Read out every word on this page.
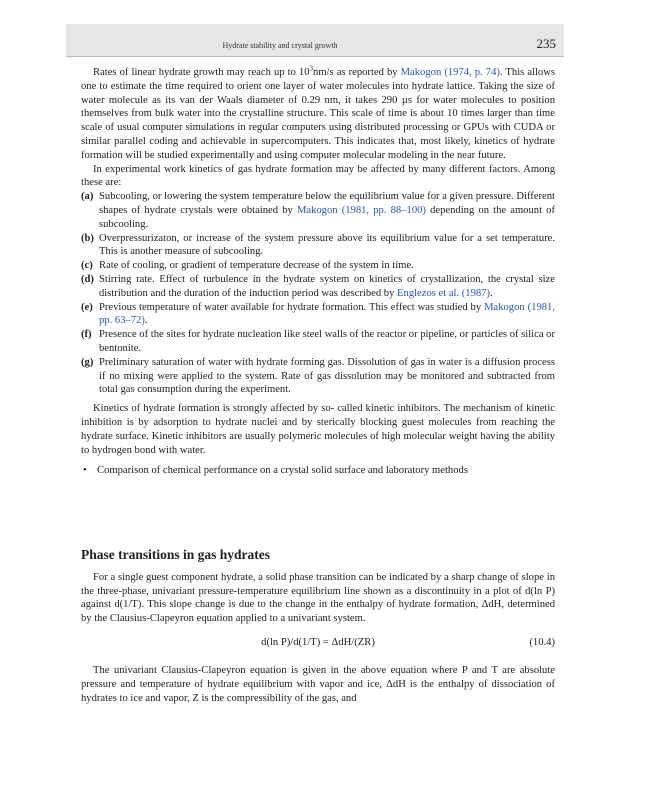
Hydrate stability and crystal growth	235

Rates of linear hydrate growth may reach up to $10^3nm/s$ as reported by Makogon (1974, p. 74). This allows one to estimate the time required to orient one layer of water molecules into hydrate lattice. Taking the size of water molecule as its van der Waals diameter of 0.29 nm, it takes 290 µs for water molecules to position themselves from bulk water into the crystalline structure. This scale of time is about 10 times larger than time scale of usual computer simulations in regular computers using distributed processing or GPUs with CUDA or similar parallel coding and achievable in supercomputers. This indicates that, most likely, kinetics of hydrate formation will be studied experimentally and using computer molecular modeling in the near future.

In experimental work kinetics of gas hydrate formation may be affected by many different factors. Among these are:

(a) Subcooling, or lowering the system temperature below the equilibrium value for a given pressure. Different shapes of hydrate crystals were obtained by Makogon (1981, pp. 88–100) depending on the amount of subcooling.
(b) Overpressurizaton, or increase of the system pressure above its equilibrium value for a set temperature. This is another measure of subcooling.
(c) Rate of cooling, or gradient of temperature decrease of the system in time.
(d) Stirring rate. Effect of turbulence in the hydrate system on kinetics of crystallization, the crystal size distribution and the duration of the induction period was described by Englezos et al. (1987).
(e) Previous temperature of water available for hydrate formation. This effect was studied by Makogon (1981, pp. 63–72).
(f) Presence of the sites for hydrate nucleation like steel walls of the reactor or pipeline, or particles of silica or bentonite.
(g) Preliminary saturation of water with hydrate forming gas. Dissolution of gas in water is a diffusion process if no mixing were applied to the system. Rate of gas dissolution may be monitored and subtracted from total gas consumption during the experiment.

Kinetics of hydrate formation is strongly affected by so- called kinetic inhibitors. The mechanism of kinetic inhibition is by adsorption to hydrate nuclei and by sterically blocking guest molecules from reaching the hydrate surface. Kinetic inhibitors are usually polymeric molecules of high molecular weight having the ability to hydrogen bond with water.

• Comparison of chemical performance on a crystal solid surface and laboratory methods
Phase transitions in gas hydrates

For a single guest component hydrate, a solid phase transition can be indicated by a sharp change of slope in the three-phase, univariant pressure-temperature equilibrium line shown as a discontinuity in a plot of d(ln P) against d(1/T). This slope change is due to the change in the enthalpy of hydrate formation, ΔdH, determined by the Clausius-Clapeyron equation applied to a univariant system.

d(ln P)/d(1/T) = ΔdH/(ZR)	(10.4)

The univariant Clausius-Clapeyron equation is given in the above equation where P and T are absolute pressure and temperature of hydrate equilibrium with vapor and ice, ΔdH is the enthalpy of dissociation of hydrates to ice and vapor, Z is the compressibility of the gas, and
